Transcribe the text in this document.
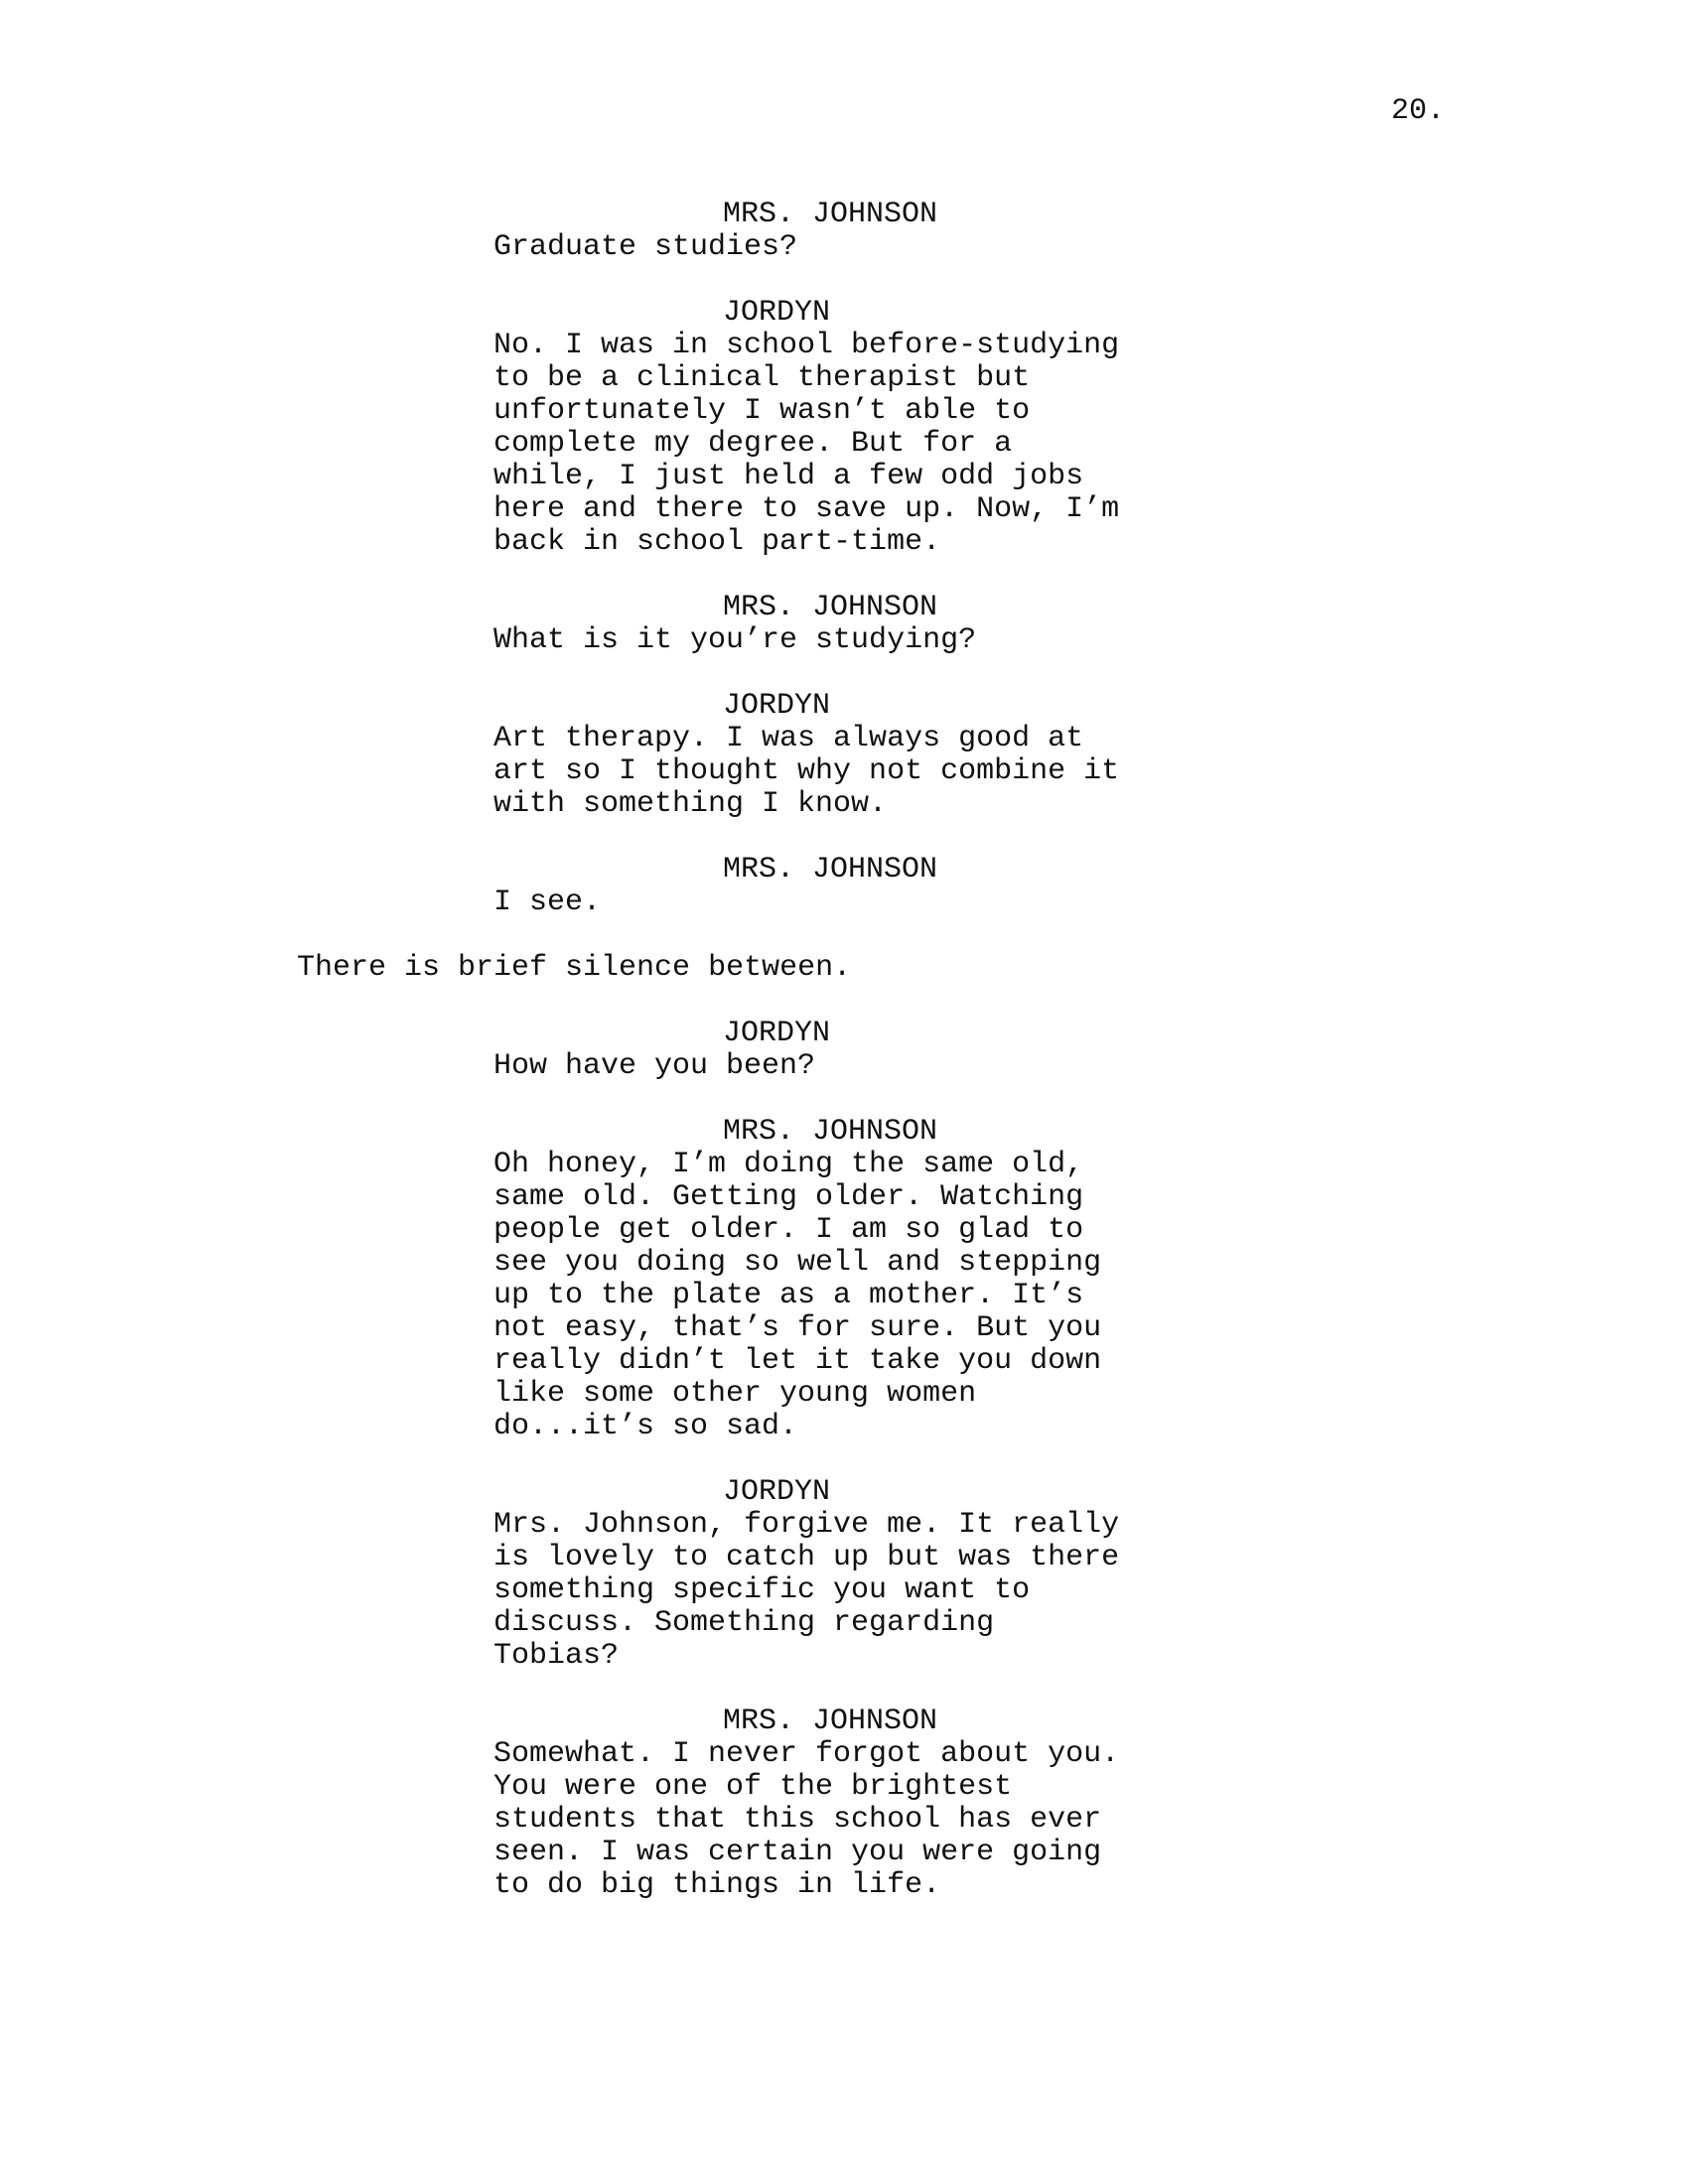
20.
MRS. JOHNSON
Graduate studies?
JORDYN
No. I was in school before-studying
to be a clinical therapist but
unfortunately I wasn’t able to
complete my degree. But for a
while, I just held a few odd jobs
here and there to save up. Now, I’m
back in school part-time.
MRS. JOHNSON
What is it you’re studying?
JORDYN
Art therapy. I was always good at
art so I thought why not combine it
with something I know.
MRS. JOHNSON
I see.
There is brief silence between.
JORDYN
How have you been?
MRS. JOHNSON
Oh honey, I’m doing the same old,
same old. Getting older. Watching
people get older. I am so glad to
see you doing so well and stepping
up to the plate as a mother. It’s
not easy, that’s for sure. But you
really didn’t let it take you down
like some other young women
do...it’s so sad.
JORDYN
Mrs. Johnson, forgive me. It really
is lovely to catch up but was there
something specific you want to
discuss. Something regarding
Tobias?
MRS. JOHNSON
Somewhat. I never forgot about you.
You were one of the brightest
students that this school has ever
seen. I was certain you were going
to do big things in life.
